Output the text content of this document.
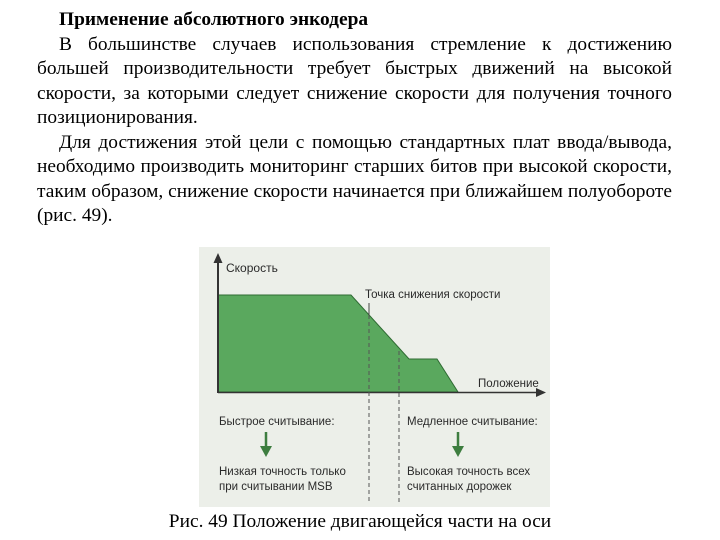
Применение абсолютного энкодера

В большинстве случаев использования стремление к достижению большей производительности требует быстрых движений на высокой скорости, за которыми следует снижение скорости для получения точного позиционирования.

Для достижения этой цели с помощью стандартных плат ввода/вывода, необходимо производить мониторинг старших битов при высокой скорости, таким образом, снижение скорости начинается при ближайшем полуобороте (рис. 49).

Скорость
Положение
Точка снижения скорости
Быстрое считывание:
Низкая точность только
при считывании MSB
Медленное считывание:
Высокая точность всех
считанных дорожек
Рис. 49 Положение двигающейся части на оси
